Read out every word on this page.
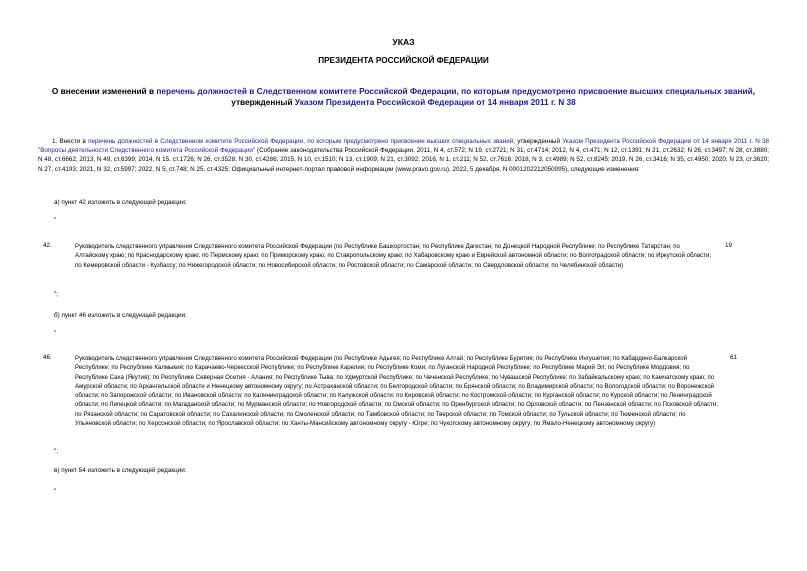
УКАЗ
ПРЕЗИДЕНТА РОССИЙСКОЙ ФЕДЕРАЦИИ
О внесении изменений в перечень должностей в Следственном комитете Российской Федерации, по которым предусмотрено присвоение высших специальных званий, утвержденный Указом Президента Российской Федерации от 14 января 2011 г. N 38
1. Внести в перечень должностей в Следственном комитете Российской Федерации, по которым предусмотрено присвоение высших специальных званий, утвержденный Указом Президента Российской Федерации от 14 января 2011 г. N 38 "Вопросы деятельности Следственного комитета Российской Федерации" (Собрание законодательства Российской Федерации, 2011, N 4, ст.572; N 19, ст.2721; N 31, ст.4714; 2012, N 4, ст.471; N 12, ст.1391; N 21, ст.2632; N 26, ст.3497; N 28, ст.3880; N 48, ст.6662; 2013, N 49, ст.6399; 2014, N 15, ст.1726; N 26, ст.3528; N 30, ст.4286; 2015, N 10, ст.1510; N 13, ст.1909; N 21, ст.3092; 2016, N 1, ст.211; N 52, ст.7616; 2018, N 3, ст.4989; N 52, ст.8245; 2019, N 26, ст.3416; N 35, ст.4950; 2020, N 23, ст.3620; N 27, ст.4193; 2021, N 32, ст.5997; 2022, N 5, ст.748; N 25, ст.4325; Официальный интернет-портал правовой информации (www.pravo.gov.ru), 2022, 5 декабря, N 0001202212050095), следующие изменения:
а) пункт 42 изложить в следующей редакции:
"
42.	Руководитель следственного управления Следственного комитета Российской Федерации (по Республике Башкортостан; по Республике Дагестан; по Донецкой Народной Республике; по Республике Татарстан; по Алтайскому краю; по Краснодарскому краю; по Пермскому краю; по Приморскому краю; по Ставропольскому краю; по Хабаровскому краю и Еврейской автономной области; по Волгоградской области; по Иркутской области; по Кемеровской области - Кузбассу; по Нижегородской области; по Новосибирской области; по Ростовской области; по Самарской области; по Свердловской области; по Челябинской области)
19
";
б) пункт 46 изложить в следующей редакции:
"
46.	Руководитель следственного управления Следственного комитета Российской Федерации (по Республике Адыгея; по Республике Алтай; по Республике Бурятия; по Республике Ингушетия; по Кабардино-Балкарской Республике; по Республике Калмыкия; по Карачаево-Черкесской Республике; по Республике Карелия; по Республике Коми; по Луганской Народной Республике; по Республике Марий Эл; по Республике Мордовия; по Республике Саха (Якутия); по Республике Северная Осетия - Алания; по Республике Тыва; по Удмуртской Республике; по Чеченской Республике; по Чувашской Республике; по Забайкальскому краю; по Камчатскому краю; по Амурской области; по Архангельской области и Ненецкому автономному округу; по Астраханской области; по Белгородской области; по Брянской области; по Владимирской области; по Вологодской области; по Воронежской области; по Запорожской области; по Ивановской области; по Калининградской области; по Калужской области; по Кировской области; по Костромской области; по Курганской области; по Курской области; по Ленинградской области; по Липецкой области; по Магаданской области; по Мурманской области; по Новгородской области; по Омской области; по Оренбургской области; по Орловской области; по Пензенской области; по Псковской области; по Рязанской области; по Саратовской области; по Сахалинской области; по Смоленской области; по Тамбовской области; по Тверской области; по Томской области; по Тульской области; по Тюменской области; по Ульяновской области; по Херсонской области; по Ярославской области; по Ханты-Мансийскому автономному округу - Югре; по Чукотскому автономному округу; по Ямало-Ненецкому автономному округу)
61
";
в) пункт 54 изложить в следующей редакции:
"
